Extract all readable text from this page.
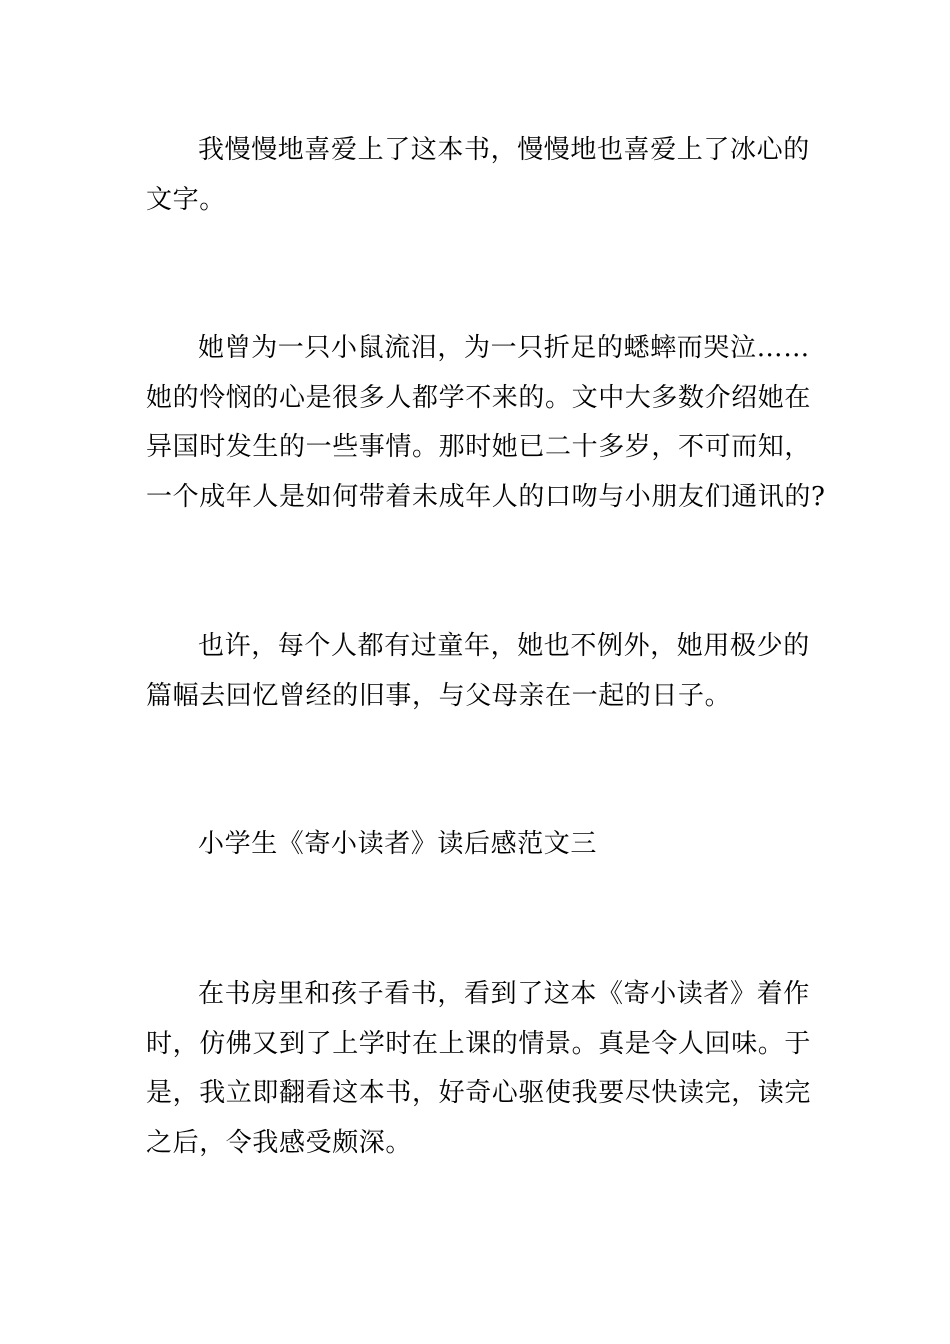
我慢慢地喜爱上了这本书，慢慢地也喜爱上了冰心的
文字。
她曾为一只小鼠流泪，为一只折足的蟋蟀而哭泣……
她的怜悯的心是很多人都学不来的。文中大多数介绍她在
异国时发生的一些事情。那时她已二十多岁，不可而知，
一个成年人是如何带着未成年人的口吻与小朋友们通讯的?
也许，每个人都有过童年，她也不例外，她用极少的
篇幅去回忆曾经的旧事，与父母亲在一起的日子。
小学生《寄小读者》读后感范文三
在书房里和孩子看书，看到了这本《寄小读者》着作
时，仿佛又到了上学时在上课的情景。真是令人回味。于
是，我立即翻看这本书，好奇心驱使我要尽快读完，读完
之后，令我感受颇深。
